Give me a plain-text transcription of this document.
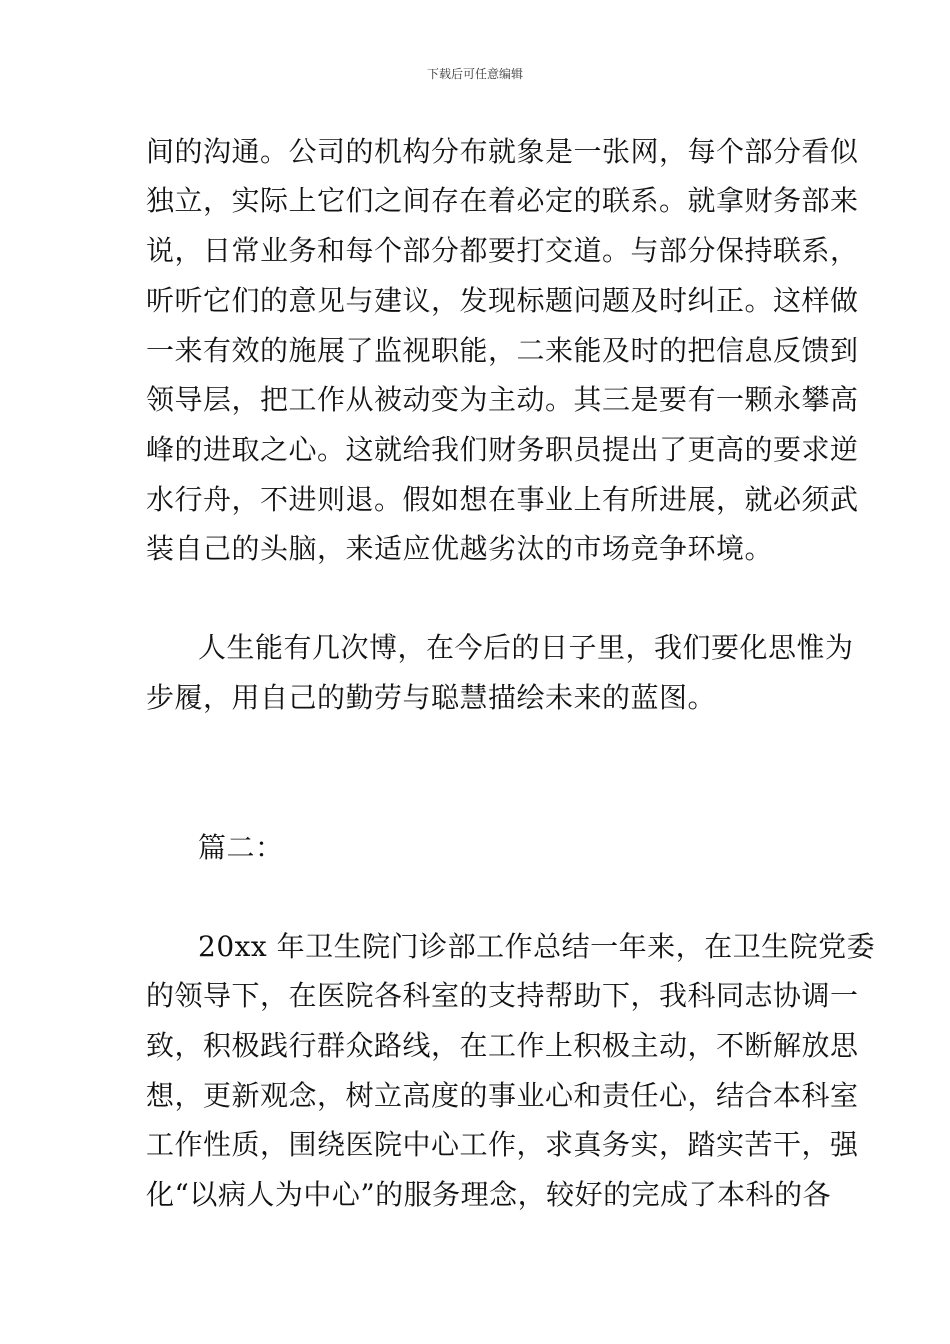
下载后可任意编辑
间的沟通。公司的机构分布就象是一张网，每个部分看似
独立，实际上它们之间存在着必定的联系。就拿财务部来
说，日常业务和每个部分都要打交道。与部分保持联系，
听听它们的意见与建议，发现标题问题及时纠正。这样做
一来有效的施展了监视职能，二来能及时的把信息反馈到
领导层，把工作从被动变为主动。其三是要有一颗永攀高
峰的进取之心。这就给我们财务职员提出了更高的要求逆
水行舟，不进则退。假如想在事业上有所进展，就必须武
装自己的头脑，来适应优越劣汰的市场竞争环境。
人生能有几次博，在今后的日子里，我们要化思惟为
步履，用自己的勤劳与聪慧描绘未来的蓝图。
篇二：
20xx 年卫生院门诊部工作总结一年来，在卫生院党委
的领导下，在医院各科室的支持帮助下，我科同志协调一
致，积极践行群众路线，在工作上积极主动，不断解放思
想，更新观念，树立高度的事业心和责任心，结合本科室
工作性质，围绕医院中心工作，求真务实，踏实苦干，强
化“以病人为中心”的服务理念，较好的完成了本科的各
